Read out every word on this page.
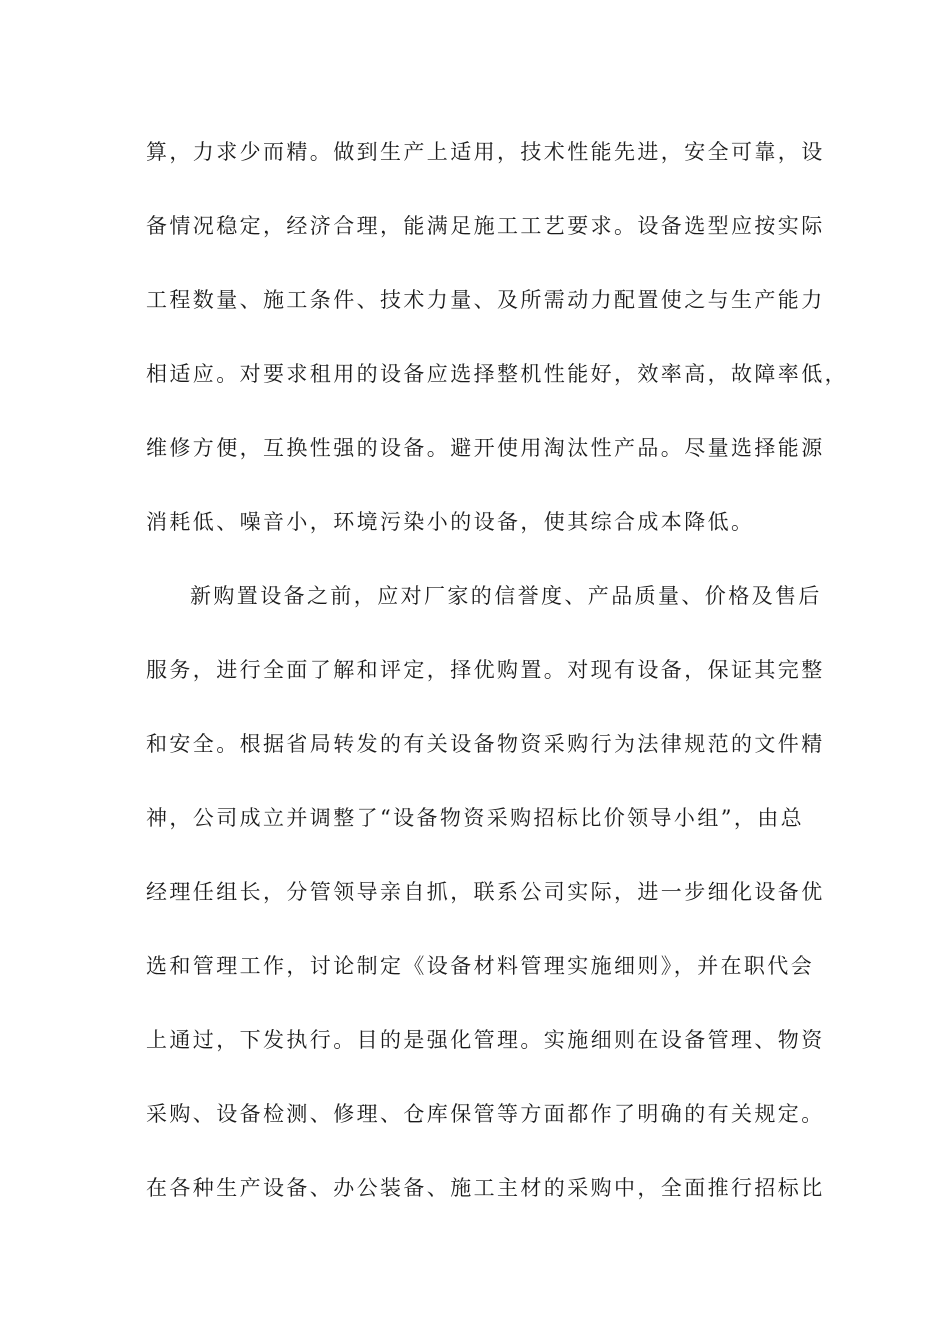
算，力求少而精。做到生产上适用，技术性能先进，安全可靠，设
备情况稳定，经济合理，能满足施工工艺要求。设备选型应按实际
工程数量、施工条件、技术力量、及所需动力配置使之与生产能力
相适应。对要求租用的设备应选择整机性能好，效率高，故障率低，
维修方便，互换性强的设备。避开使用淘汰性产品。尽量选择能源
消耗低、噪音小，环境污染小的设备，使其综合成本降低。
新购置设备之前，应对厂家的信誉度、产品质量、价格及售后
服务，进行全面了解和评定，择优购置。对现有设备，保证其完整
和安全。根据省局转发的有关设备物资采购行为法律规范的文件精
神，公司成立并调整了“设备物资采购招标比价领导小组”，由总
经理任组长，分管领导亲自抓，联系公司实际，进一步细化设备优
选和管理工作，讨论制定《设备材料管理实施细则》，并在职代会
上通过，下发执行。目的是强化管理。实施细则在设备管理、物资
采购、设备检测、修理、仓库保管等方面都作了明确的有关规定。
在各种生产设备、办公装备、施工主材的采购中，全面推行招标比
